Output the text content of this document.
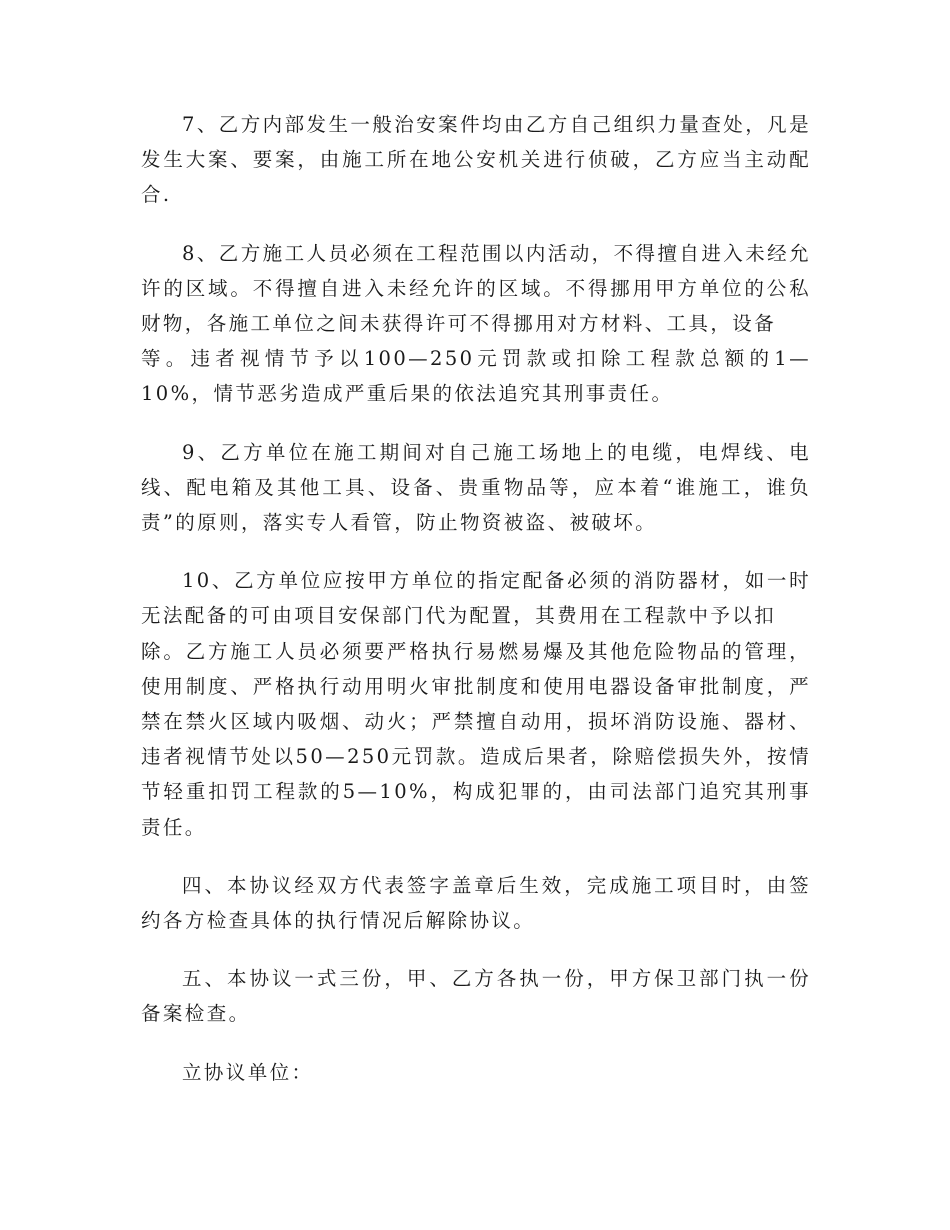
7、乙方内部发生一般治安案件均由乙方自己组织力量查处，凡是发生大案、要案，由施工所在地公安机关进行侦破，乙方应当主动配合.

8、乙方施工人员必须在工程范围以内活动，不得擅自进入未经允许的区域。不得擅自进入未经允许的区域。不得挪用甲方单位的公私财物，各施工单位之间未获得许可不得挪用对方材料、工具，设备
等。违者视情节予以100—250元罚款或扣除工程款总额的1—10%，情节恶劣造成严重后果的依法追究其刑事责任。

9、乙方单位在施工期间对自己施工场地上的电缆，电焊线、电线、配电箱及其他工具、设备、贵重物品等，应本着“谁施工，谁负责”的原则，落实专人看管，防止物资被盗、被破坏。

10、乙方单位应按甲方单位的指定配备必须的消防器材，如一时无法配备的可由项目安保部门代为配置，其费用在工程款中予以扣
除。乙方施工人员必须要严格执行易燃易爆及其他危险物品的管理，使用制度、严格执行动用明火审批制度和使用电器设备审批制度，严禁在禁火区域内吸烟、动火；严禁擅自动用，损坏消防设施、器材、违者视情节处以50—250元罚款。造成后果者，除赔偿损失外，按情节轻重扣罚工程款的5—10%，构成犯罪的，由司法部门追究其刑事责任。

四、本协议经双方代表签字盖章后生效，完成施工项目时，由签约各方检查具体的执行情况后解除协议。

五、本协议一式三份，甲、乙方各执一份，甲方保卫部门执一份备案检查。

立协议单位：
